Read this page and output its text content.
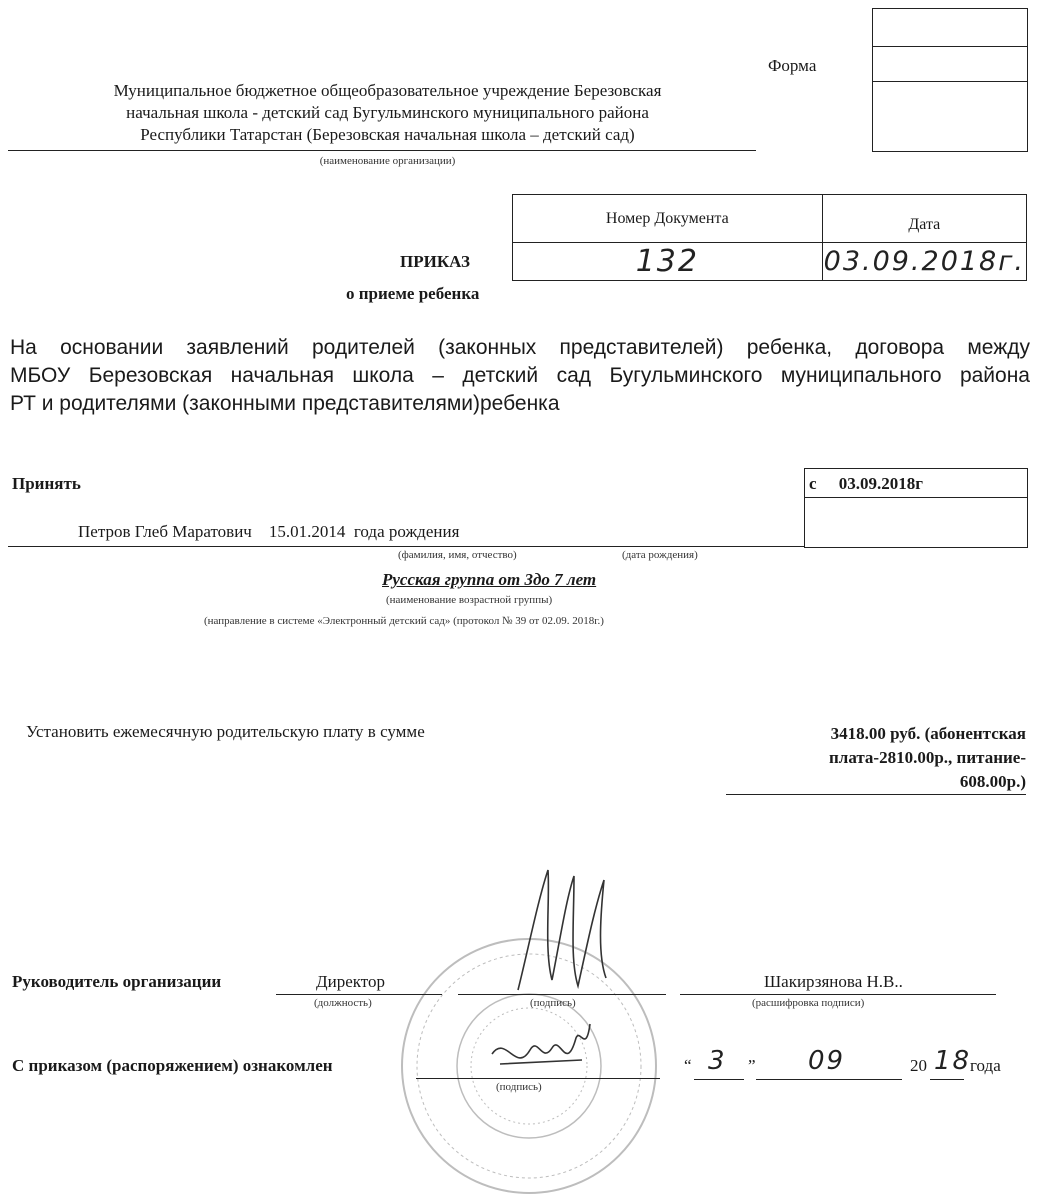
Форма
Муниципальное бюджетное общеобразовательное учреждение Березовская
начальная школа - детский сад Бугульминского муниципального района
Республики Татарстан (Березовская начальная школа – детский сад)
(наименование организации)
Номер Документа	Дата
132	03.09.2018г.
ПРИКАЗ
о приеме ребенка
На основании заявлений родителей (законных представителей) ребенка, договора между
МБОУ Березовская начальная школа – детский сад Бугульминского муниципального района
РТ и родителями (законными представителями)ребенка
Принять	с 03.09.2018г
Петров Глеб Маратович    15.01.2014  года рождения
(фамилия, имя, отчество)	(дата рождения)
Русская группа от 3до 7 лет
(наименование возрастной группы)
(направление в системе «Электронный детский сад» (протокол № 39 от 02.09. 2018г.)
Установить ежемесячную родительскую плату в сумме	3418.00 руб. (абонентская
плата-2810.00р., питание-
608.00р.)
Руководитель организации	Директор
(должность)	(подпись)
Шакирзянова Н.В..
(расшифровка подписи)
С приказом (распоряжением) ознакомлен
(подпись)
“ 3 ” 09	20 18
года
